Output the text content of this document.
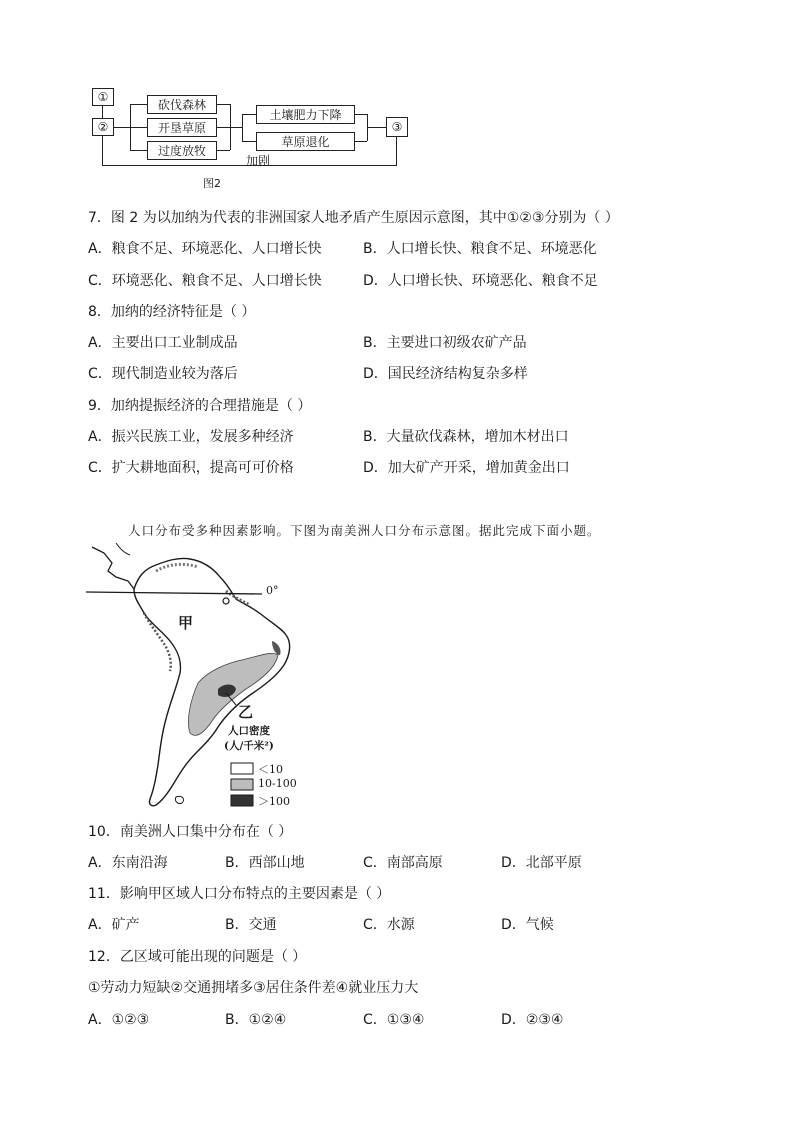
①
②
砍伐森林
开垦草原
过度放牧
土壤肥力下降
草原退化
③
加剧
图2
7．图 2 为以加纳为代表的非洲国家人地矛盾产生原因示意图，其中①②③分别为（ ）
A．粮食不足、环境恶化、人口增长快	B．人口增长快、粮食不足、环境恶化
C．环境恶化、粮食不足、人口增长快	D．人口增长快、环境恶化、粮食不足
8．加纳的经济特征是（ ）
A．主要出口工业制成品	B．主要进口初级农矿产品
C．现代制造业较为落后	D．国民经济结构复杂多样
9．加纳提振经济的合理措施是（ ）
A．振兴民族工业，发展多种经济	B．大量砍伐森林，增加木材出口
C．扩大耕地面积，提高可可价格	D．加大矿产开采，增加黄金出口
人口分布受多种因素影响。下图为南美洲人口分布示意图。据此完成下面小题。
0°
甲
乙
人口密度
(人/千米²)
＜10
10-100
＞100
10．南美洲人口集中分布在（ ）
A．东南沿海	B．西部山地	C．南部高原	D．北部平原
11．影响甲区域人口分布特点的主要因素是（ ）
A．矿产	B．交通	C．水源	D．气候
12．乙区域可能出现的问题是（ ）
①劳动力短缺②交通拥堵多③居住条件差④就业压力大
A．①②③	B．①②④	C．①③④	D．②③④
